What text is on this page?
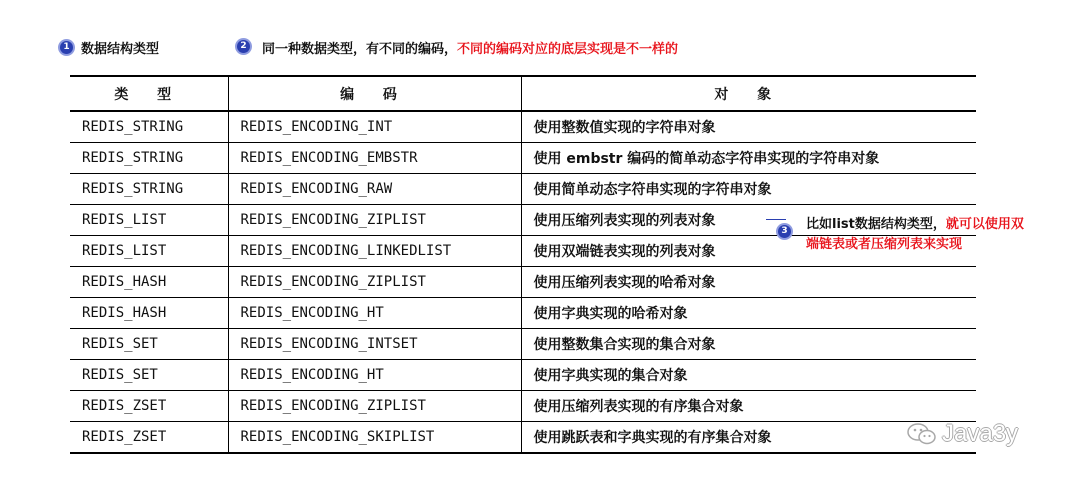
1 数据结构类型	2 同一种数据类型，有不同的编码，不同的编码对应的底层实现是不一样的
类 型	编 码	对 象
REDIS_STRING	REDIS_ENCODING_INT	使用整数值实现的字符串对象
REDIS_STRING	REDIS_ENCODING_EMBSTR	使用 embstr 编码的简单动态字符串实现的字符串对象
REDIS_STRING	REDIS_ENCODING_RAW	使用简单动态字符串实现的字符串对象
REDIS_LIST	REDIS_ENCODING_ZIPLIST	使用压缩列表实现的列表对象
REDIS_LIST	REDIS_ENCODING_LINKEDLIST	使用双端链表实现的列表对象
REDIS_HASH	REDIS_ENCODING_ZIPLIST	使用压缩列表实现的哈希对象
REDIS_HASH	REDIS_ENCODING_HT	使用字典实现的哈希对象
REDIS_SET	REDIS_ENCODING_INTSET	使用整数集合实现的集合对象
REDIS_SET	REDIS_ENCODING_HT	使用字典实现的集合对象
REDIS_ZSET	REDIS_ENCODING_ZIPLIST	使用压缩列表实现的有序集合对象
REDIS_ZSET	REDIS_ENCODING_SKIPLIST	使用跳跃表和字典实现的有序集合对象
3 比如list数据结构类型，就可以使用双
端链表或者压缩列表来实现
Java3y
